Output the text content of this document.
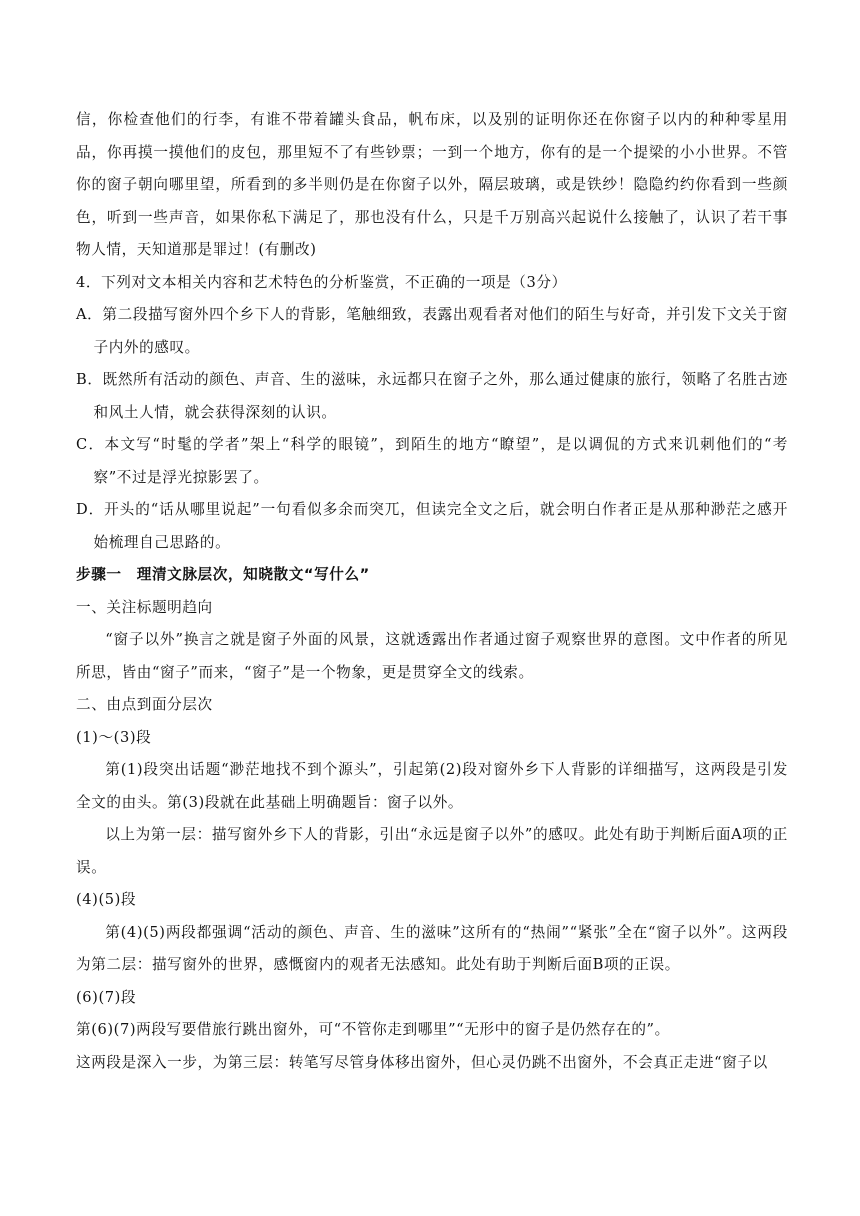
信，你检查他们的行李，有谁不带着罐头食品，帆布床，以及别的证明你还在你窗子以内的种种零星用品，你再摸一摸他们的皮包，那里短不了有些钞票；一到一个地方，你有的是一个提梁的小小世界。不管你的窗子朝向哪里望，所看到的多半则仍是在你窗子以外，隔层玻璃，或是铁纱！隐隐约约你看到一些颜色，听到一些声音，如果你私下满足了，那也没有什么，只是千万别高兴起说什么接触了，认识了若干事物人情，天知道那是罪过！(有删改)

4．下列对文本相关内容和艺术特色的分析鉴赏，不正确的一项是（3分）

A．第二段描写窗外四个乡下人的背影，笔触细致，表露出观看者对他们的陌生与好奇，并引发下文关于窗子内外的感叹。

B．既然所有活动的颜色、声音、生的滋味，永远都只在窗子之外，那么通过健康的旅行，领略了名胜古迹和风土人情，就会获得深刻的认识。

C．本文写“时髦的学者”架上“科学的眼镜”，到陌生的地方“瞭望”，是以调侃的方式来讥刺他们的“考察”不过是浮光掠影罢了。

D．开头的“话从哪里说起”一句看似多余而突兀，但读完全文之后，就会明白作者正是从那种渺茫之感开始梳理自己思路的。

步骤一　理清文脉层次，知晓散文“写什么”

一、关注标题明趋向

“窗子以外”换言之就是窗子外面的风景，这就透露出作者通过窗子观察世界的意图。文中作者的所见所思，皆由“窗子”而来，“窗子”是一个物象，更是贯穿全文的线索。

二、由点到面分层次

(1)～(3)段

第(1)段突出话题“渺茫地找不到个源头”，引起第(2)段对窗外乡下人背影的详细描写，这两段是引发全文的由头。第(3)段就在此基础上明确题旨：窗子以外。

以上为第一层：描写窗外乡下人的背影，引出“永远是窗子以外”的感叹。此处有助于判断后面A项的正误。

(4)(5)段

第(4)(5)两段都强调“活动的颜色、声音、生的滋味”这所有的“热闹”“紧张”全在“窗子以外”。这两段为第二层：描写窗外的世界，感慨窗内的观者无法感知。此处有助于判断后面B项的正误。

(6)(7)段

第(6)(7)两段写要借旅行跳出窗外，可“不管你走到哪里”“无形中的窗子是仍然存在的”。

这两段是深入一步，为第三层：转笔写尽管身体移出窗外，但心灵仍跳不出窗外，不会真正走进“窗子以
